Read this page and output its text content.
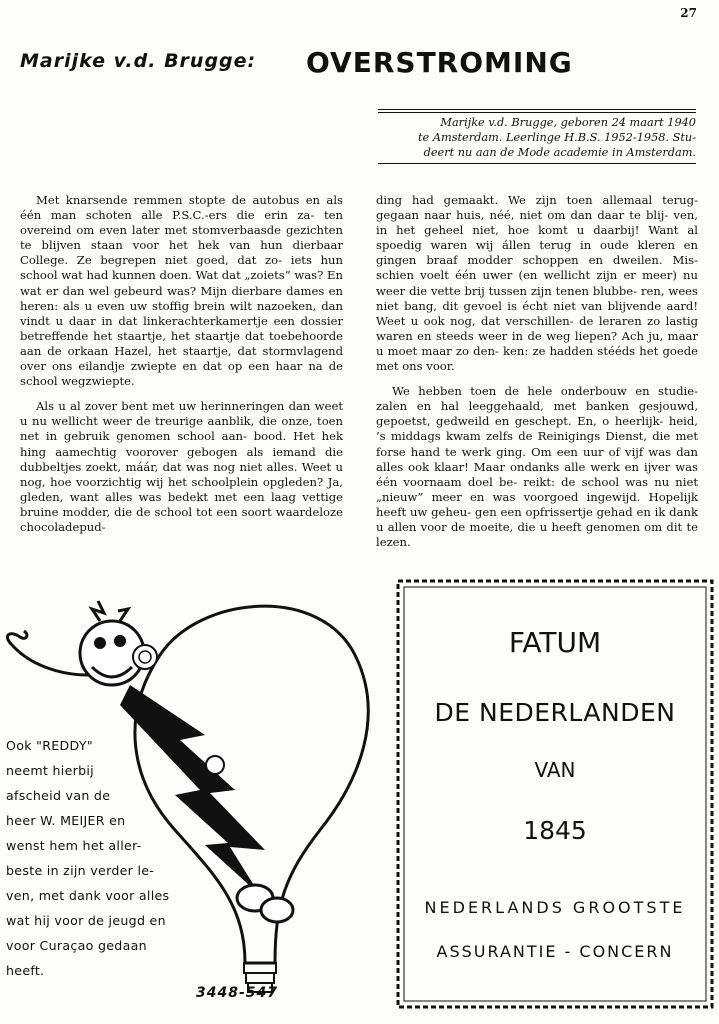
27
Marijke v.d. Brugge: overstroming
Marijke v.d. Brugge, geboren 24 maart 1940
te Amsterdam. Leerlinge H.B.S. 1952-1958. Stu-
deert nu aan de Mode academie in Amsterdam.

Met knarsende remmen stopte de autobus en als één man schoten alle P.S.C.-ers die erin za- ten overeind om even later met stomverbaasde gezichten te blijven staan voor het hek van hun dierbaar College. Ze begrepen niet goed, dat zo- iets hun school wat had kunnen doen. Wat dat „zoiets” was? En wat er dan wel gebeurd was? Mijn dierbare dames en heren: als u even uw stoffig brein wilt nazoeken, dan vindt u daar in dat linkerachterkamertje een dossier betreffende het staartje, het staartje dat toebehoorde aan de orkaan Hazel, het staartje, dat stormvlagend over ons eilandje zwiepte en dat op een haar na de school wegzwiepte.

Als u al zover bent met uw herinneringen dan weet u nu wellicht weer de treurige aanblik, die onze, toen net in gebruik genomen school aan- bood. Het hek hing aamechtig voorover gebogen als iemand die dubbeltjes zoekt, máár, dat was nog niet alles. Weet u nog, hoe voorzichtig wij het schoolplein opgleden? Ja, gleden, want alles was bedekt met een laag vettige bruine modder, die de school tot een soort waardeloze chocoladepud-

ding had gemaakt. We zijn toen allemaal terug- gegaan naar huis, néé, niet om dan daar te blij- ven, in het geheel niet, hoe komt u daarbij! Want al spoedig waren wij állen terug in oude kleren en gingen braaf modder schoppen en dweilen. Mis- schien voelt één uwer (en wellicht zijn er meer) nu weer die vette brij tussen zijn tenen blubbe- ren, wees niet bang, dit gevoel is écht niet van blijvende aard! Weet u ook nog, dat verschillen- de leraren zo lastig waren en steeds weer in de weg liepen? Ach ju, maar u moet maar zo den- ken: ze hadden stééds het goede met ons voor.

We hebben toen de hele onderbouw en studie- zalen en hal leeggehaald, met banken gesjouwd, gepoetst, gedweild en geschept. En, o heerlijk- heid, ’s middags kwam zelfs de Reinigings Dienst, die met forse hand te werk ging. Om een uur of vijf was dan alles ook klaar! Maar ondanks alle werk en ijver was één voornaam doel be- reikt: de school was nu niet „nieuw” meer en was voorgoed ingewijd. Hopelijk heeft uw geheu- gen een opfrissertje gehad en ik dank u allen voor de moeite, die u heeft genomen om dit te lezen.

Ook "REDDY"
neemt hierbij
afscheid van de
heer W. MEIJER en
wenst hem het aller-
beste in zijn verder le-
ven, met dank voor alles
wat hij voor de jeugd en
voor Curaçao gedaan
heeft.
3448-547
FATUM
DE NEDERLANDEN
VAN
1845
NEDERLANDS GROOTSTE
ASSURANTIE - CONCERN
